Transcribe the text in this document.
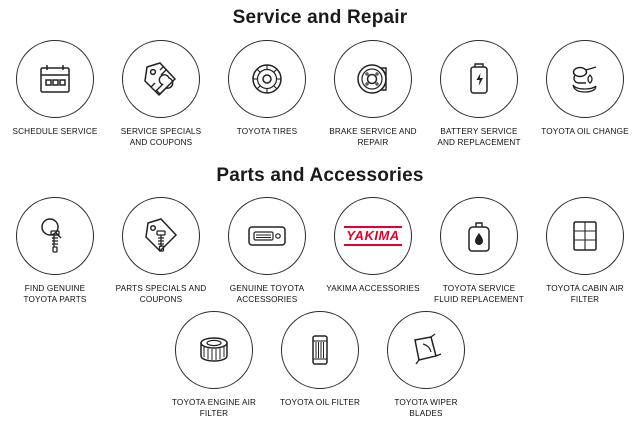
Service and Repair
SCHEDULE SERVICE	SERVICE SPECIALS AND COUPONS
TOYOTA TIRES	BRAKE SERVICE AND REPAIR
BATTERY SERVICE AND REPLACEMENT
TOYOTA OIL CHANGE
Parts and Accessories
FIND GENUINE TOYOTA PARTS
PARTS SPECIALS AND COUPONS
GENUINE TOYOTA ACCESSORIES
YAKIMA
YAKIMA ACCESSORIES	TOYOTA SERVICE FLUID REPLACEMENT
TOYOTA CABIN AIR FILTER
TOYOTA ENGINE AIR FILTER
TOYOTA OIL FILTER	TOYOTA WIPER BLADES
